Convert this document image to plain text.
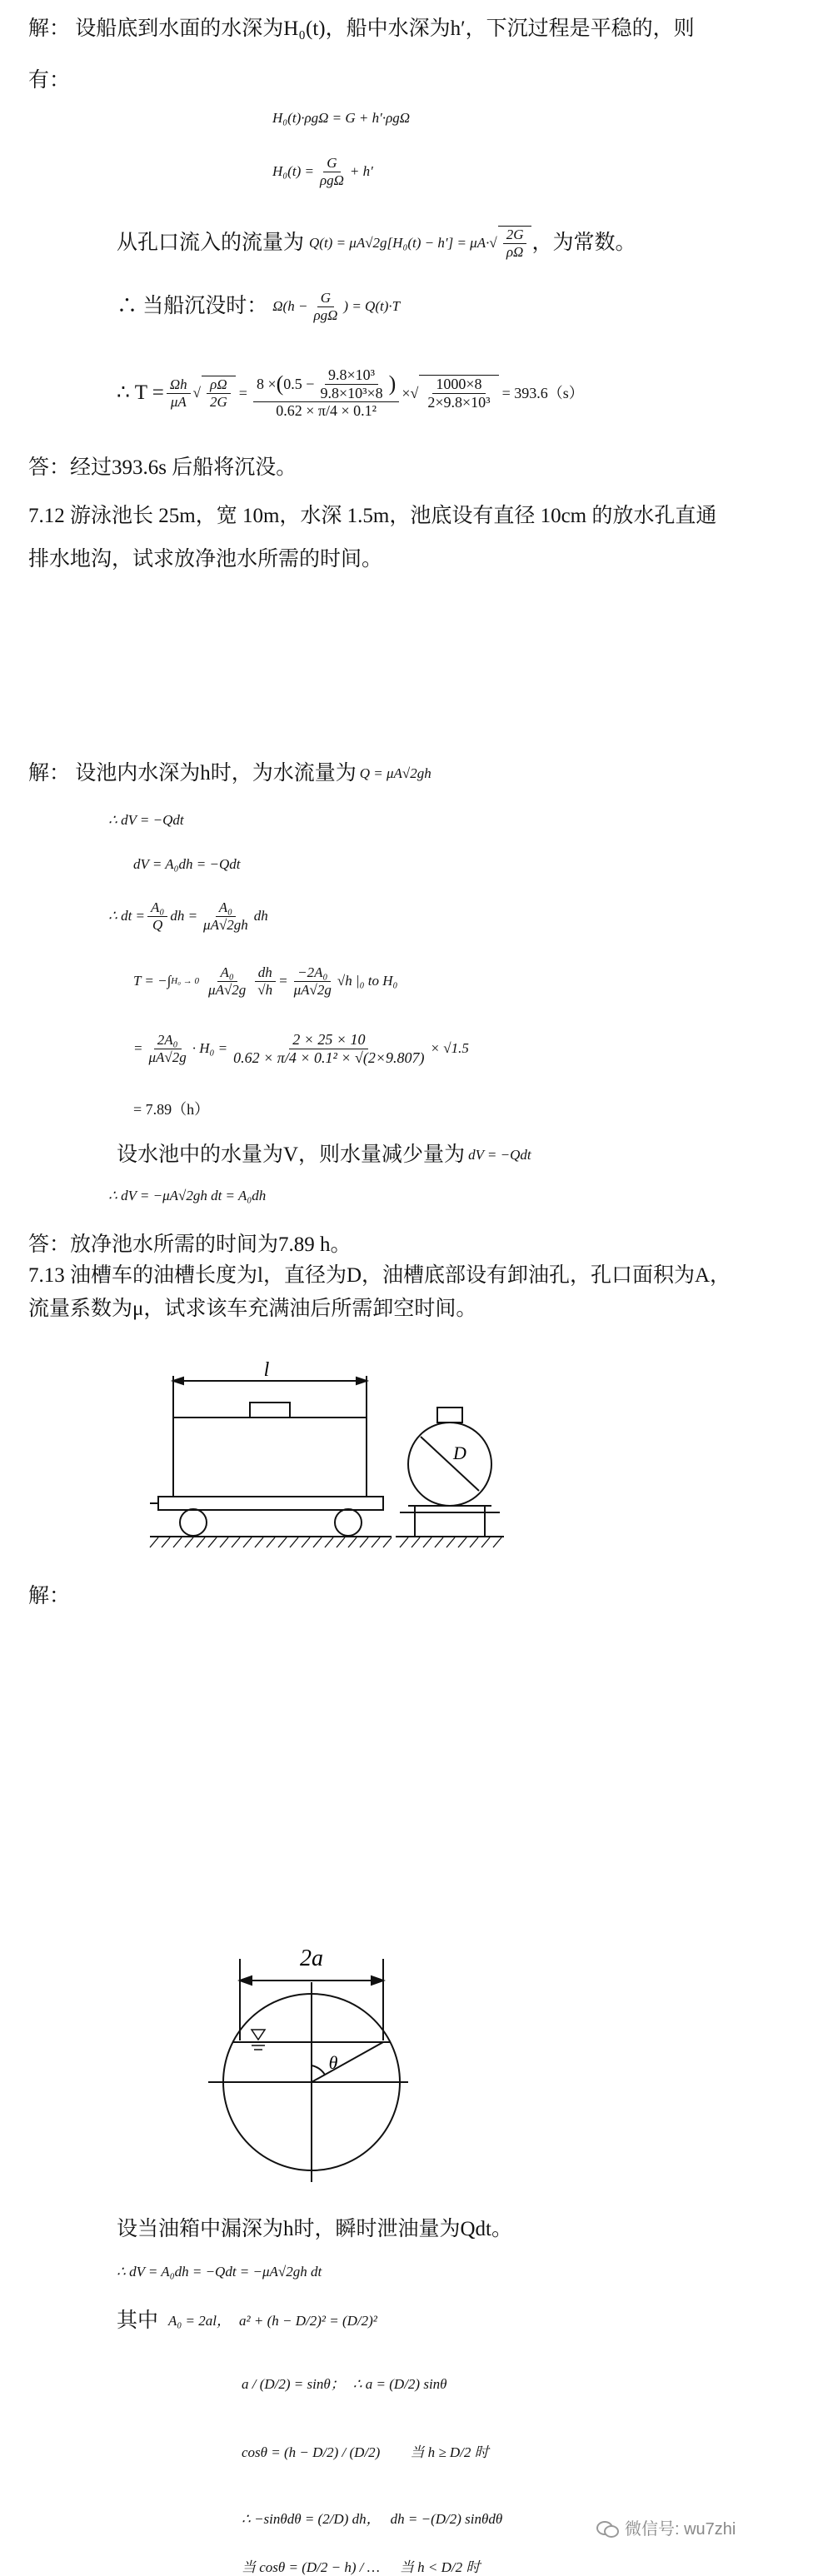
解： 设船底到水面的水深为H₀(t)，船中水深为h′，下沉过程是平稳的，则
有：
H₀(t)·ρgΩ = G + h′·ρgΩ
$H_0(t) = \frac{G}{\text{ρgΩ}} + h'$
从孔口流入的流量为 Q(t) = μA√2g[H₀(t) − h′] = μA· √ $\frac{2G}{\rho\Omega}$ ，为常数。
∴ 当船沉没时： $\Omega(h - \frac{G}{\text{ρgΩ}}$ ) = Q(t)·T
∴ $T = \frac{\Omega h}{\mu A}$ √ $\frac{\rho\Omega}{2G} = \frac{8 \times ( 0.5 - \frac{\text{9.8×10³}}{\text{9.8×10³×8}} )}{\text{0.62 × π/4 × 0.1²}}$ × √ $\frac{1000\times 8}{\text{2×9.8×10³}} = 393.6(s)$
答：经过393.6s 后船将沉没。
7.12 游泳池长 25m，宽 10m，水深 1.5m，池底设有直径 10cm 的放水孔直通
排水地沟，试求放净池水所需的时间。
解： 设池内水深为h时，为水流量为 Q = μA√2gh
∴ dV = −Qdt
dV = A₀dh = −Qdt
∴ dt = $\frac{\text{A₀}}{Q}$ dh = $\frac{\text{A₀}}{\mu A√2gh}$ dh
T = −∫ $H_0 \to 0 \frac{\text{A₀}}{\mu A√2g} \frac{dh}{√h} = \frac{\text{−2A₀}}{\mu A√2g} √h$ |₀ to H₀
= $\frac{\text{2A₀}}{\mu A√2g} \cdot H_0 = \frac{2 \times 25 \times 10}{\text{0.62 × π/4 × 0.1² × √(2×9.807)}} \times √1.5$
= 7.89（h）
设水池中的水量为V，则水量减少量为 dV = −Qdt
∴ dV = −μA√2gh dt = A₀dh
答：放净池水所需的时间为7.89 h。
7.13 油槽车的油槽长度为l，直径为D，油槽底部设有卸油孔，孔口面积为A，
流量系数为μ，试求该车充满油后所需卸空时间。
l
D
解：
2a
θ
设当油箱中漏深为h时，瞬时泄油量为Qdt。
∴ dV = A₀dh = −Qdt = −μA√2gh dt
其中 A₀ = 2al， a² + (h − D/2)² = (D/2)²
a / (D/2) = sinθ； ∴ a = (D/2) sinθ
cosθ = (h − D/2) / (D/2) 当 h ≥ D/2 时
∴ −sinθdθ = (2/D) dh， dh = −(D/2) sinθdθ
当 cosθ = (D/2 − h) / … 当 h < D/2 时
微信号: wu7zhi
